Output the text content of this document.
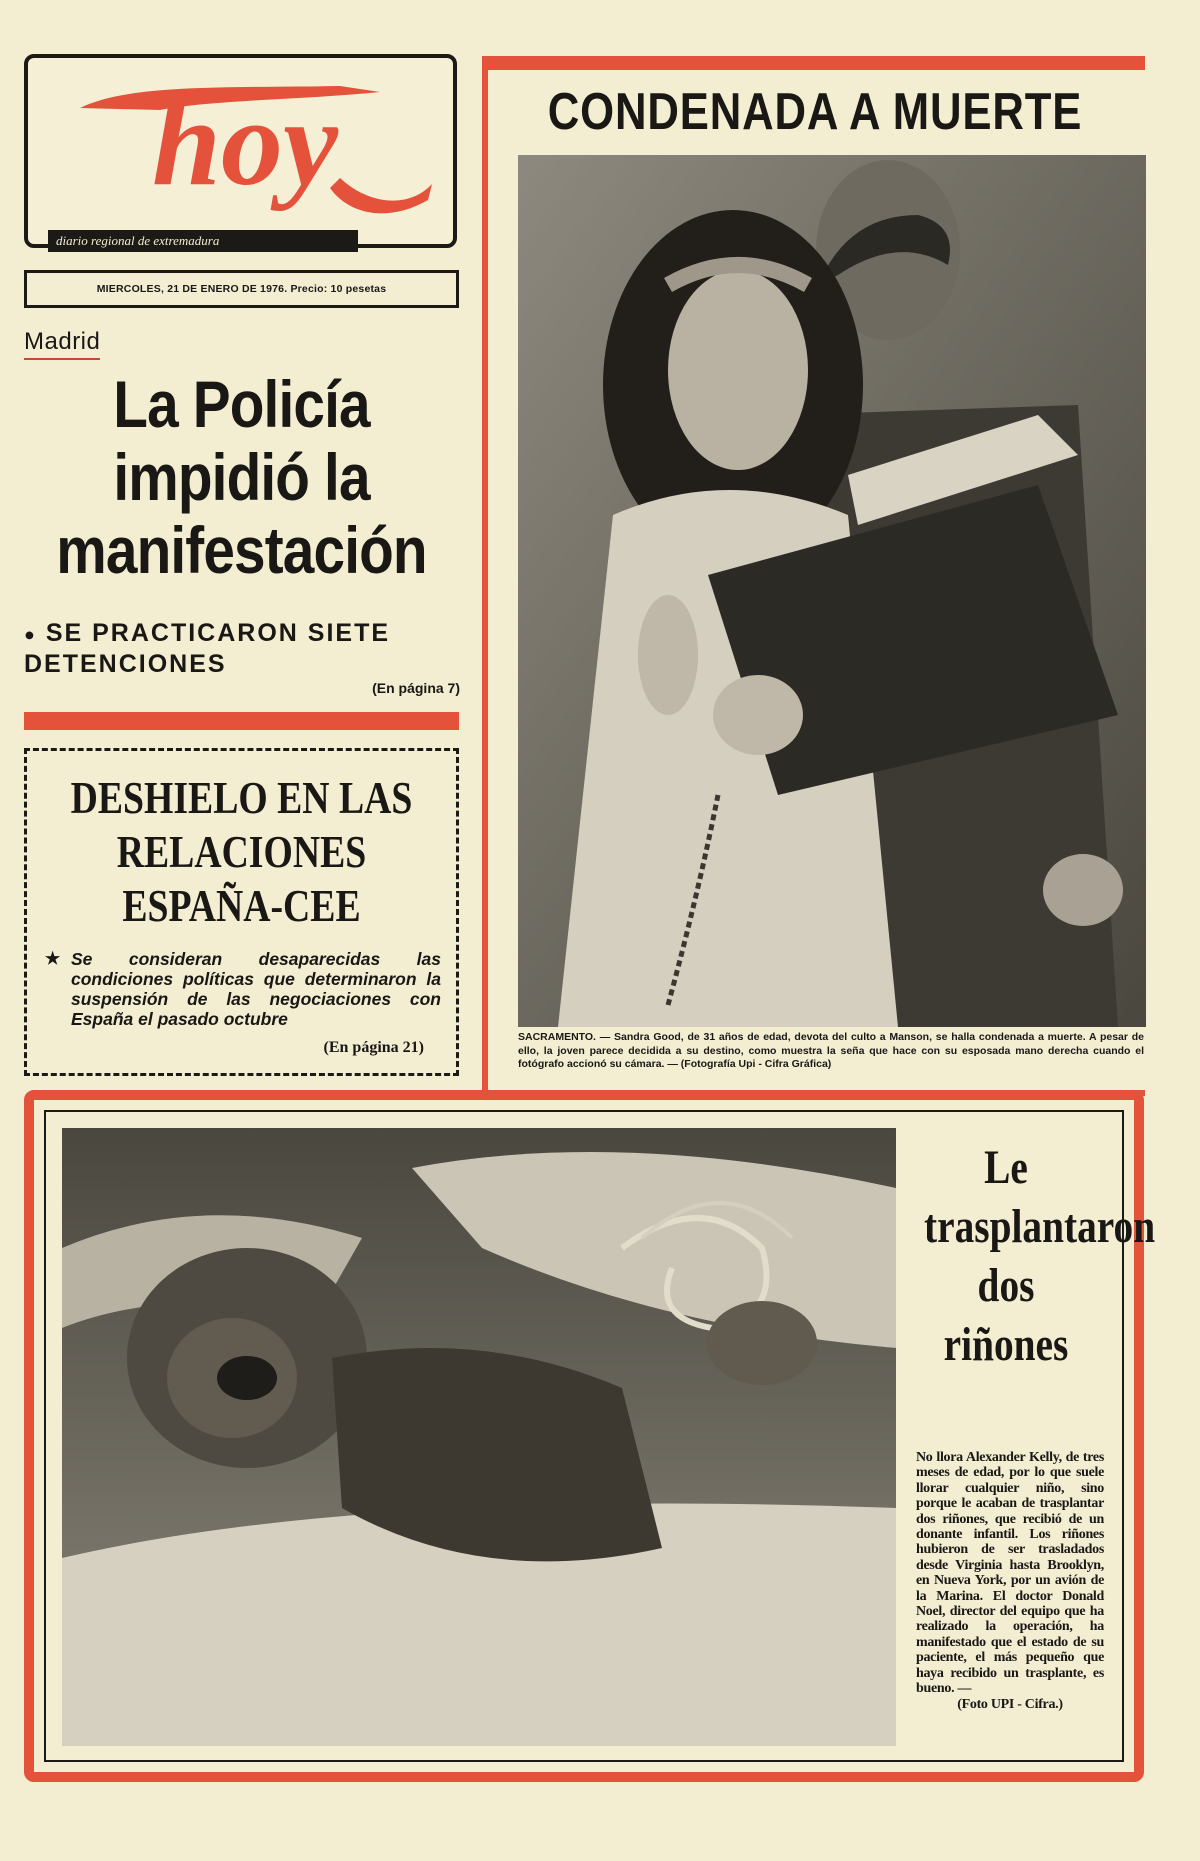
hoy
diario regional de extremadura
MIERCOLES, 21 DE ENERO DE 1976. Precio: 10 pesetas
Madrid
La Policía impidió la manifestación
● SE PRACTICARON SIETE DETENCIONES
(En página 7)
DESHIELO EN LAS RELACIONES ESPAÑA-CEE
★ Se consideran desaparecidas las condiciones políticas que determinaron la suspensión de las negociaciones con España el pasado octubre
(En página 21)
CONDENADA A MUERTE
SACRAMENTO. — Sandra Good, de 31 años de edad, devota del culto a Manson, se halla condenada a muerte. A pesar de ello, la joven parece decidida a su destino, como muestra la seña que hace con su esposada mano derecha cuando el fotógrafo accionó su cámara. — (Fotografía Upi - Cifra Gráfica)
Le trasplantaron dos riñones
No llora Alexander Kelly, de tres meses de edad, por lo que suele llorar cualquier niño, sino porque le acaban de trasplantar dos riñones, que recibió de un donante infantil. Los riñones hubieron de ser trasladados desde Virginia hasta Brooklyn, en Nueva York, por un avión de la Marina. El doctor Donald Noel, director del equipo que ha realizado la operación, ha manifestado que el estado de su paciente, el más pequeño que haya recibido un trasplante, es bueno. —
(Foto UPI - Cifra.)
